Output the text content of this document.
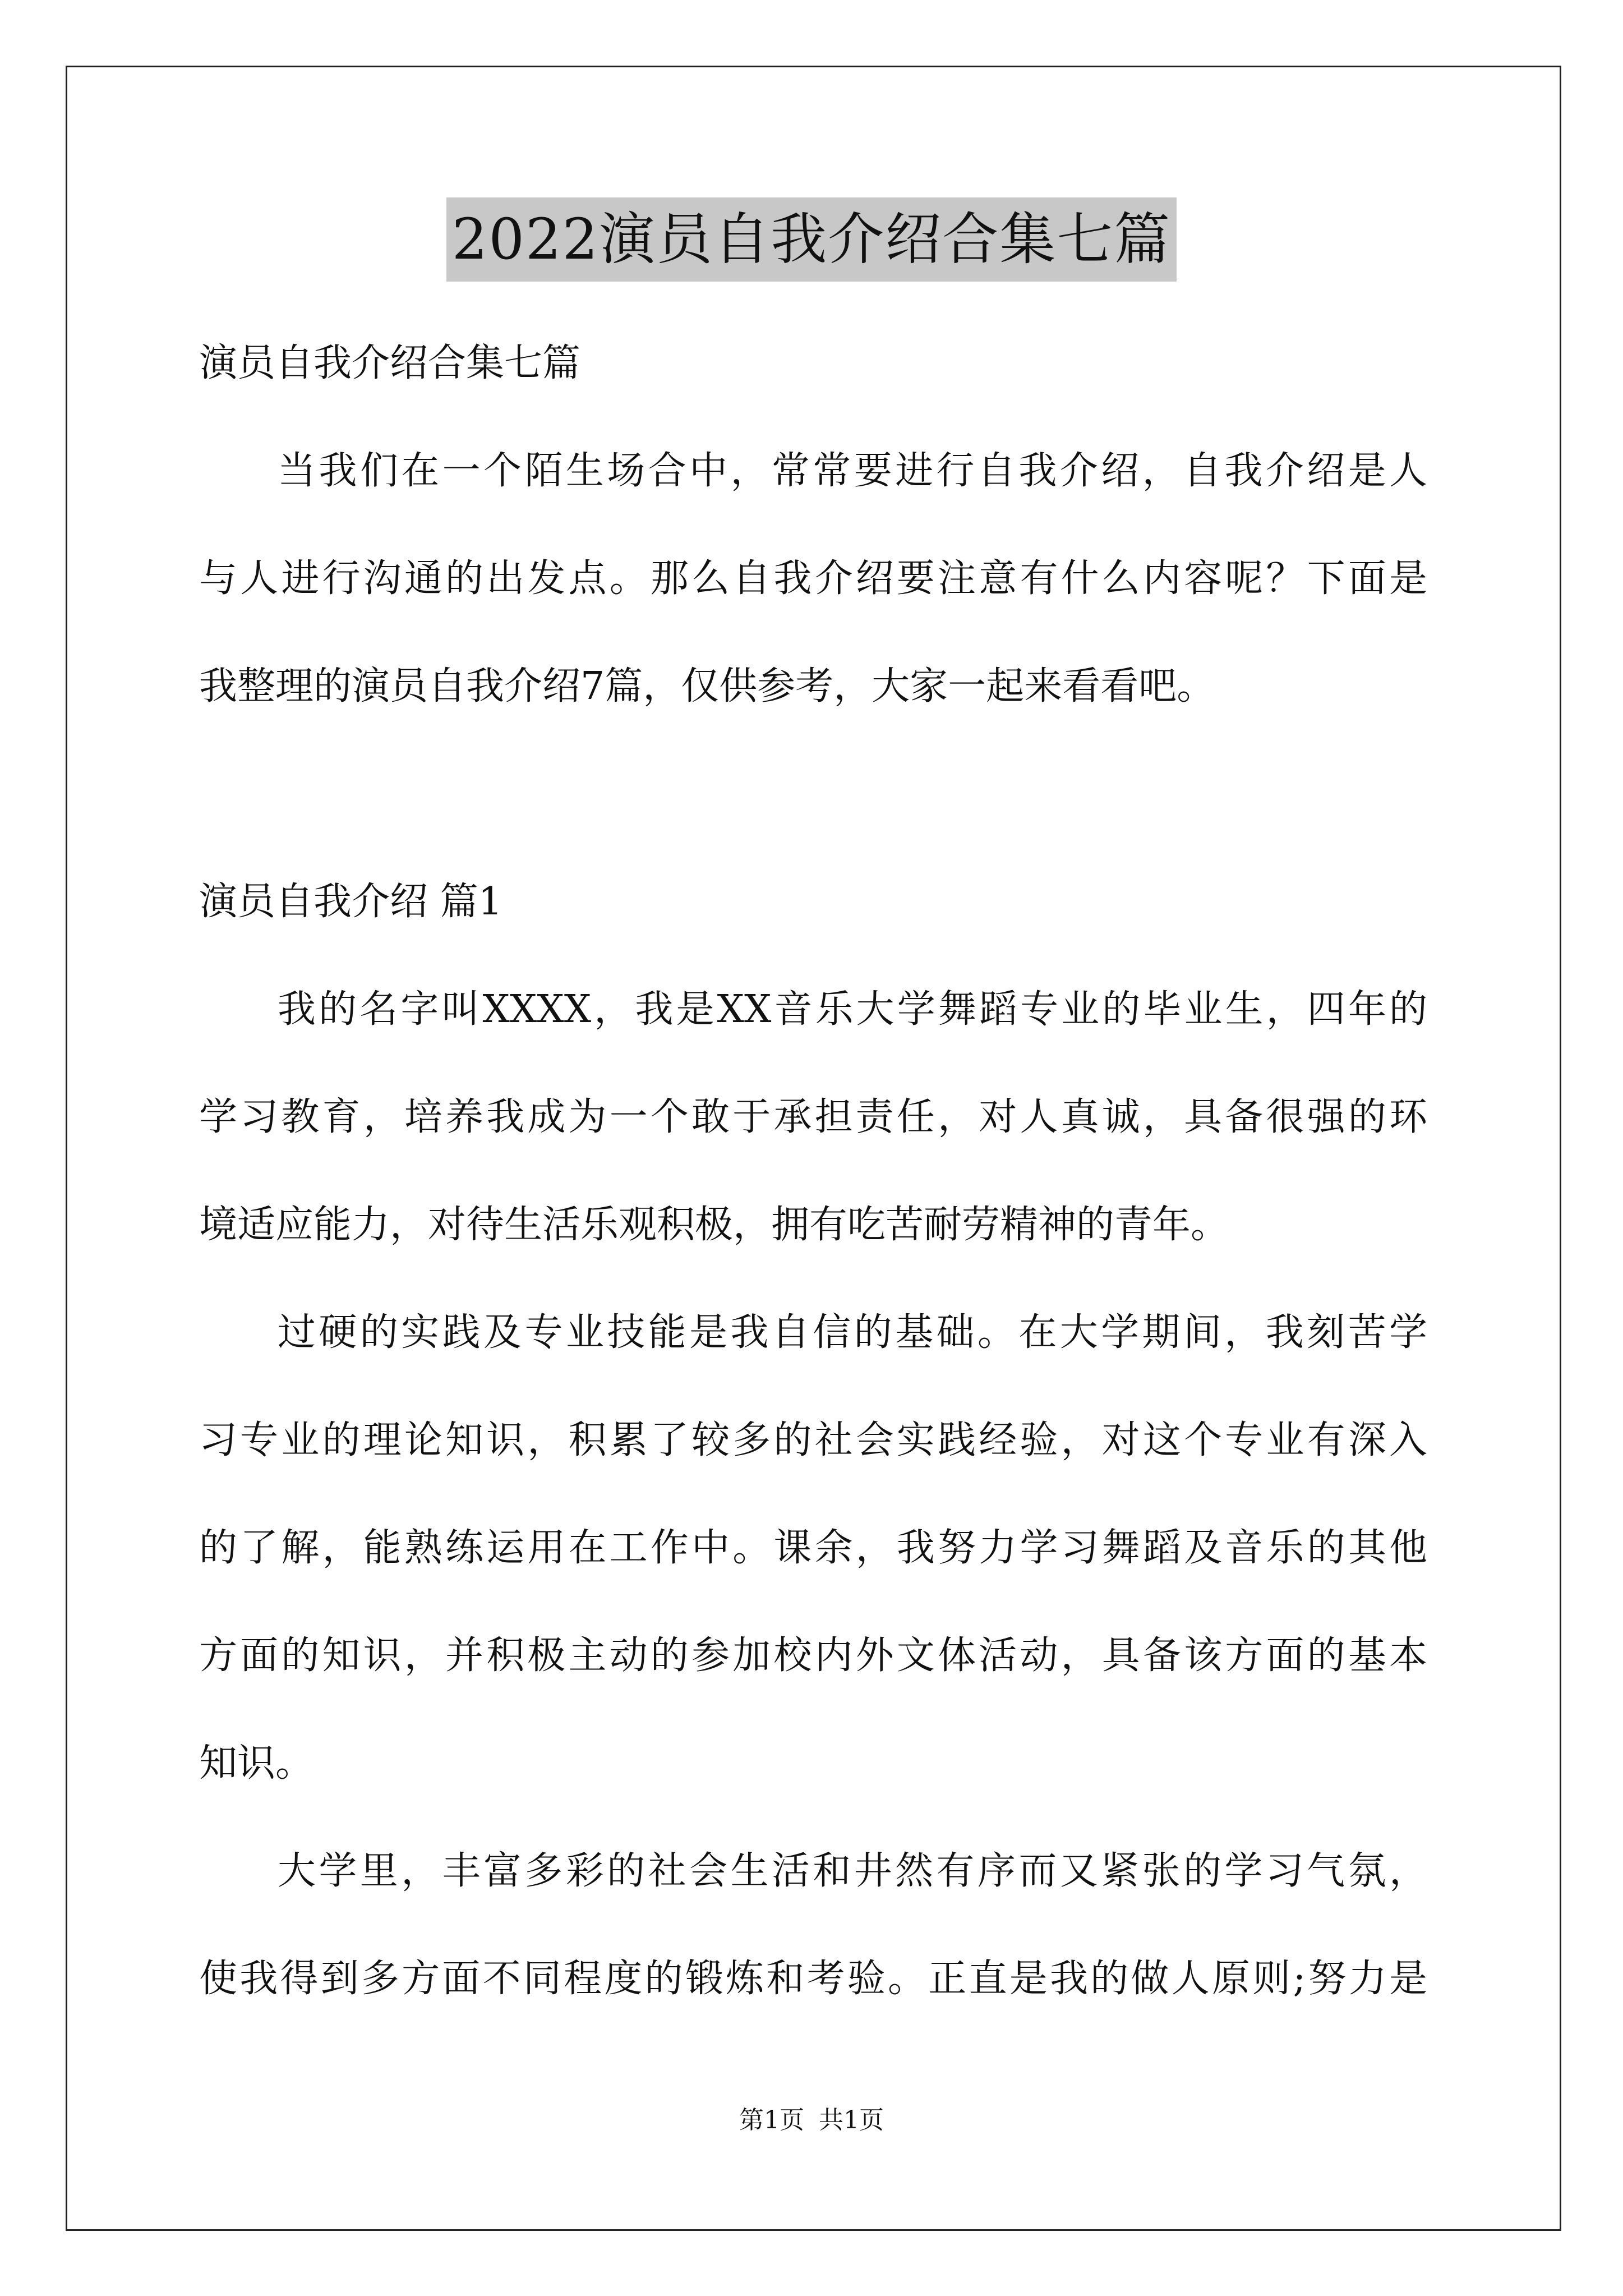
2022演员自我介绍合集七篇
演员自我介绍合集七篇
当我们在一个陌生场合中，常常要进行自我介绍，自我介绍是人
与人进行沟通的出发点。那么自我介绍要注意有什么内容呢？下面是
我整理的演员自我介绍7篇，仅供参考，大家一起来看看吧。
演员自我介绍 篇1
我的名字叫XXXX，我是XX音乐大学舞蹈专业的毕业生，四年的
学习教育，培养我成为一个敢于承担责任，对人真诚，具备很强的环
境适应能力，对待生活乐观积极，拥有吃苦耐劳精神的青年。
过硬的实践及专业技能是我自信的基础。在大学期间，我刻苦学
习专业的理论知识，积累了较多的社会实践经验，对这个专业有深入
的了解，能熟练运用在工作中。课余，我努力学习舞蹈及音乐的其他
方面的知识，并积极主动的参加校内外文体活动，具备该方面的基本
知识。
大学里，丰富多彩的社会生活和井然有序而又紧张的学习气氛，
使我得到多方面不同程度的锻炼和考验。正直是我的做人原则;努力是
第1页 共1页
